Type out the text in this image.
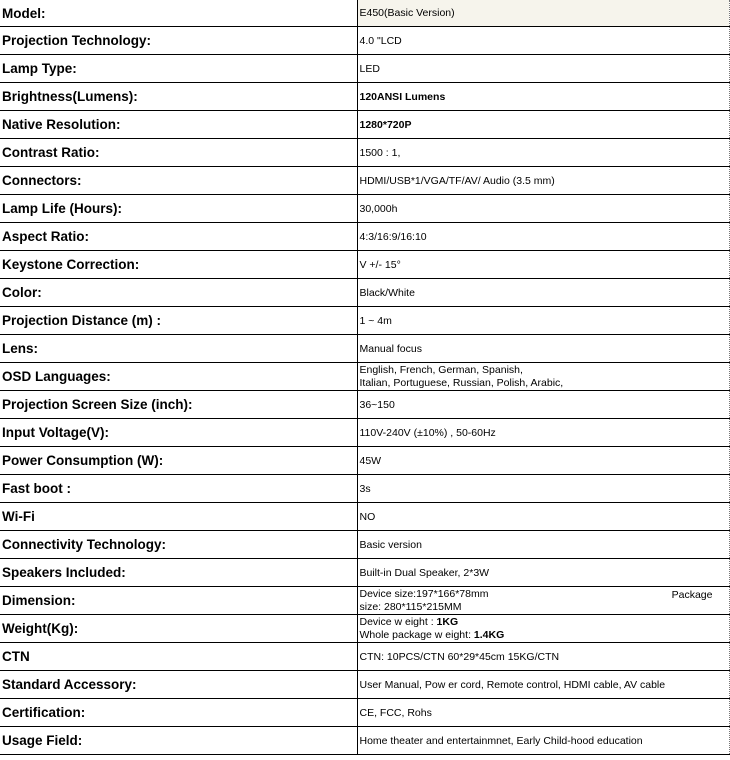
Model:	E450(Basic Version)
Projection Technology:	4.0 "LCD
Lamp Type:	LED
Brightness(Lumens):	120ANSI Lumens
Native Resolution:	1280*720P
Contrast Ratio:	1500 : 1,
Connectors:	HDMI/USB*1/VGA/TF/AV/ Audio (3.5 mm)
Lamp Life (Hours):	30,000h
Aspect Ratio:	4:3/16:9/16:10
Keystone Correction:	V +/- 15°
Color:	Black/White
Projection Distance (m) :	1 ~ 4m
Lens:	Manual focus
OSD Languages:	English, French, German, Spanish,
Italian, Portuguese, Russian, Polish, Arabic,

Projection Screen Size (inch):	36~150
Input Voltage(V):	110V-240V (±10%) , 50-60Hz
Power Consumption (W):	45W
Fast boot :	3s
Wi-Fi	NO
Connectivity Technology:	Basic version
Speakers Included:	Built-in Dual Speaker, 2*3W
Dimension:	Device size:197*166*78mm Package
size: 280*115*215MM

Weight(Kg):	Device w eight : 1KG
Whole package w eight: 1.4KG

CTN	CTN: 10PCS/CTN 60*29*45cm 15KG/CTN
Standard Accessory:	User Manual, Pow er cord, Remote control, HDMI cable, AV cable
Certification:	CE, FCC, Rohs
Usage Field:	Home theater and entertainmnet, Early Child-hood education
